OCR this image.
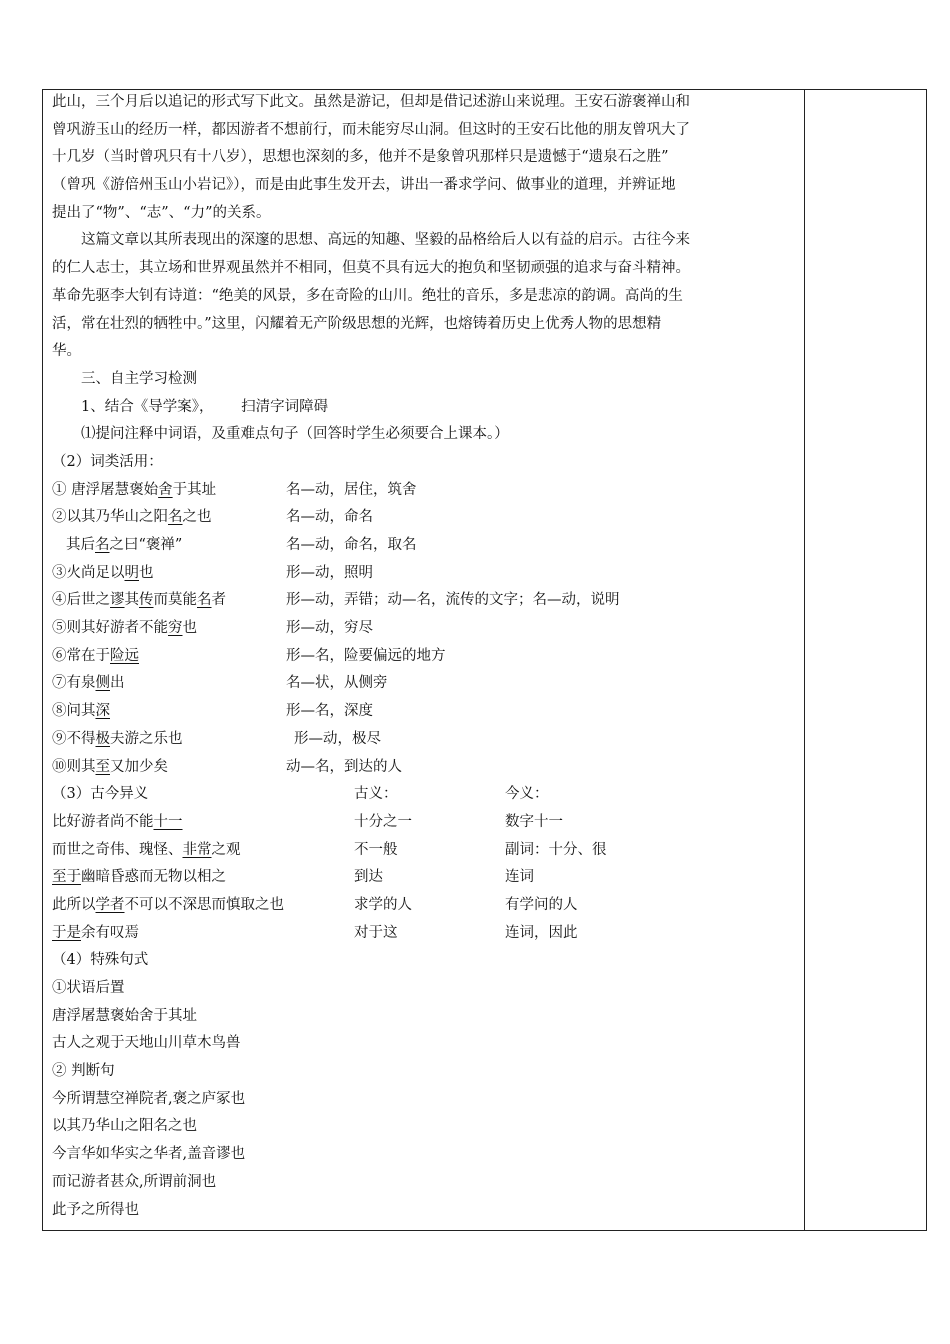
此山，三个月后以追记的形式写下此文。虽然是游记，但却是借记述游山来说理。王安石游褒禅山和
曾巩游玉山的经历一样，都因游者不想前行，而未能穷尽山洞。但这时的王安石比他的朋友曾巩大了
十几岁（当时曾巩只有十八岁），思想也深刻的多，他并不是象曾巩那样只是遗憾于“遗泉石之胜”
（曾巩《游倍州玉山小岩记》），而是由此事生发开去，讲出一番求学问、做事业的道理，并辨证地
提出了“物”、“志”、“力”的关系。
这篇文章以其所表现出的深邃的思想、高远的知趣、坚毅的品格给后人以有益的启示。古往今来
的仁人志士，其立场和世界观虽然并不相同，但莫不具有远大的抱负和坚韧顽强的追求与奋斗精神。
革命先驱李大钊有诗道：“绝美的风景，多在奇险的山川。绝壮的音乐，多是悲凉的韵调。高尚的生
活，常在壮烈的牺牲中。”这里，闪耀着无产阶级思想的光辉，也熔铸着历史上优秀人物的思想精
华。
三、自主学习检测
1、结合《导学案》， 扫清字词障碍
⑴提问注释中词语，及重难点句子（回答时学生必须要合上课本。）
（2）词类活用：
① 唐浮屠慧褒始舍于其址	名—动，居住，筑舍
②以其乃华山之阳名之也	名—动，命名
其后名之曰“褒禅”	名—动，命名，取名
③火尚足以明也	形—动，照明
④后世之谬其传而莫能名者	形—动，弄错；动—名，流传的文字；名—动，说明
⑤则其好游者不能穷也	形—动，穷尽
⑥常在于险远	形—名，险要偏远的地方
⑦有泉侧出	名—状，从侧旁
⑧问其深	形—名，深度
⑨不得极夫游之乐也	形—动，极尽
⑩则其至又加少矣	动—名，到达的人
（3）古今异义	古义：	今义：
比好游者尚不能十一	十分之一	数字十一
而世之奇伟、瑰怪、非常之观	不一般	副词：十分、很
至于幽暗昏惑而无物以相之	到达	连词
此所以学者不可以不深思而慎取之也	求学的人	有学问的人
于是余有叹焉	对于这	连词，因此
（4）特殊句式
①状语后置
唐浮屠慧褒始舍于其址
古人之观于天地山川草木鸟兽
② 判断句
今所谓慧空禅院者,褒之庐冢也
以其乃华山之阳名之也
今言华如华实之华者,盖音谬也
而记游者甚众,所谓前洞也
此予之所得也
